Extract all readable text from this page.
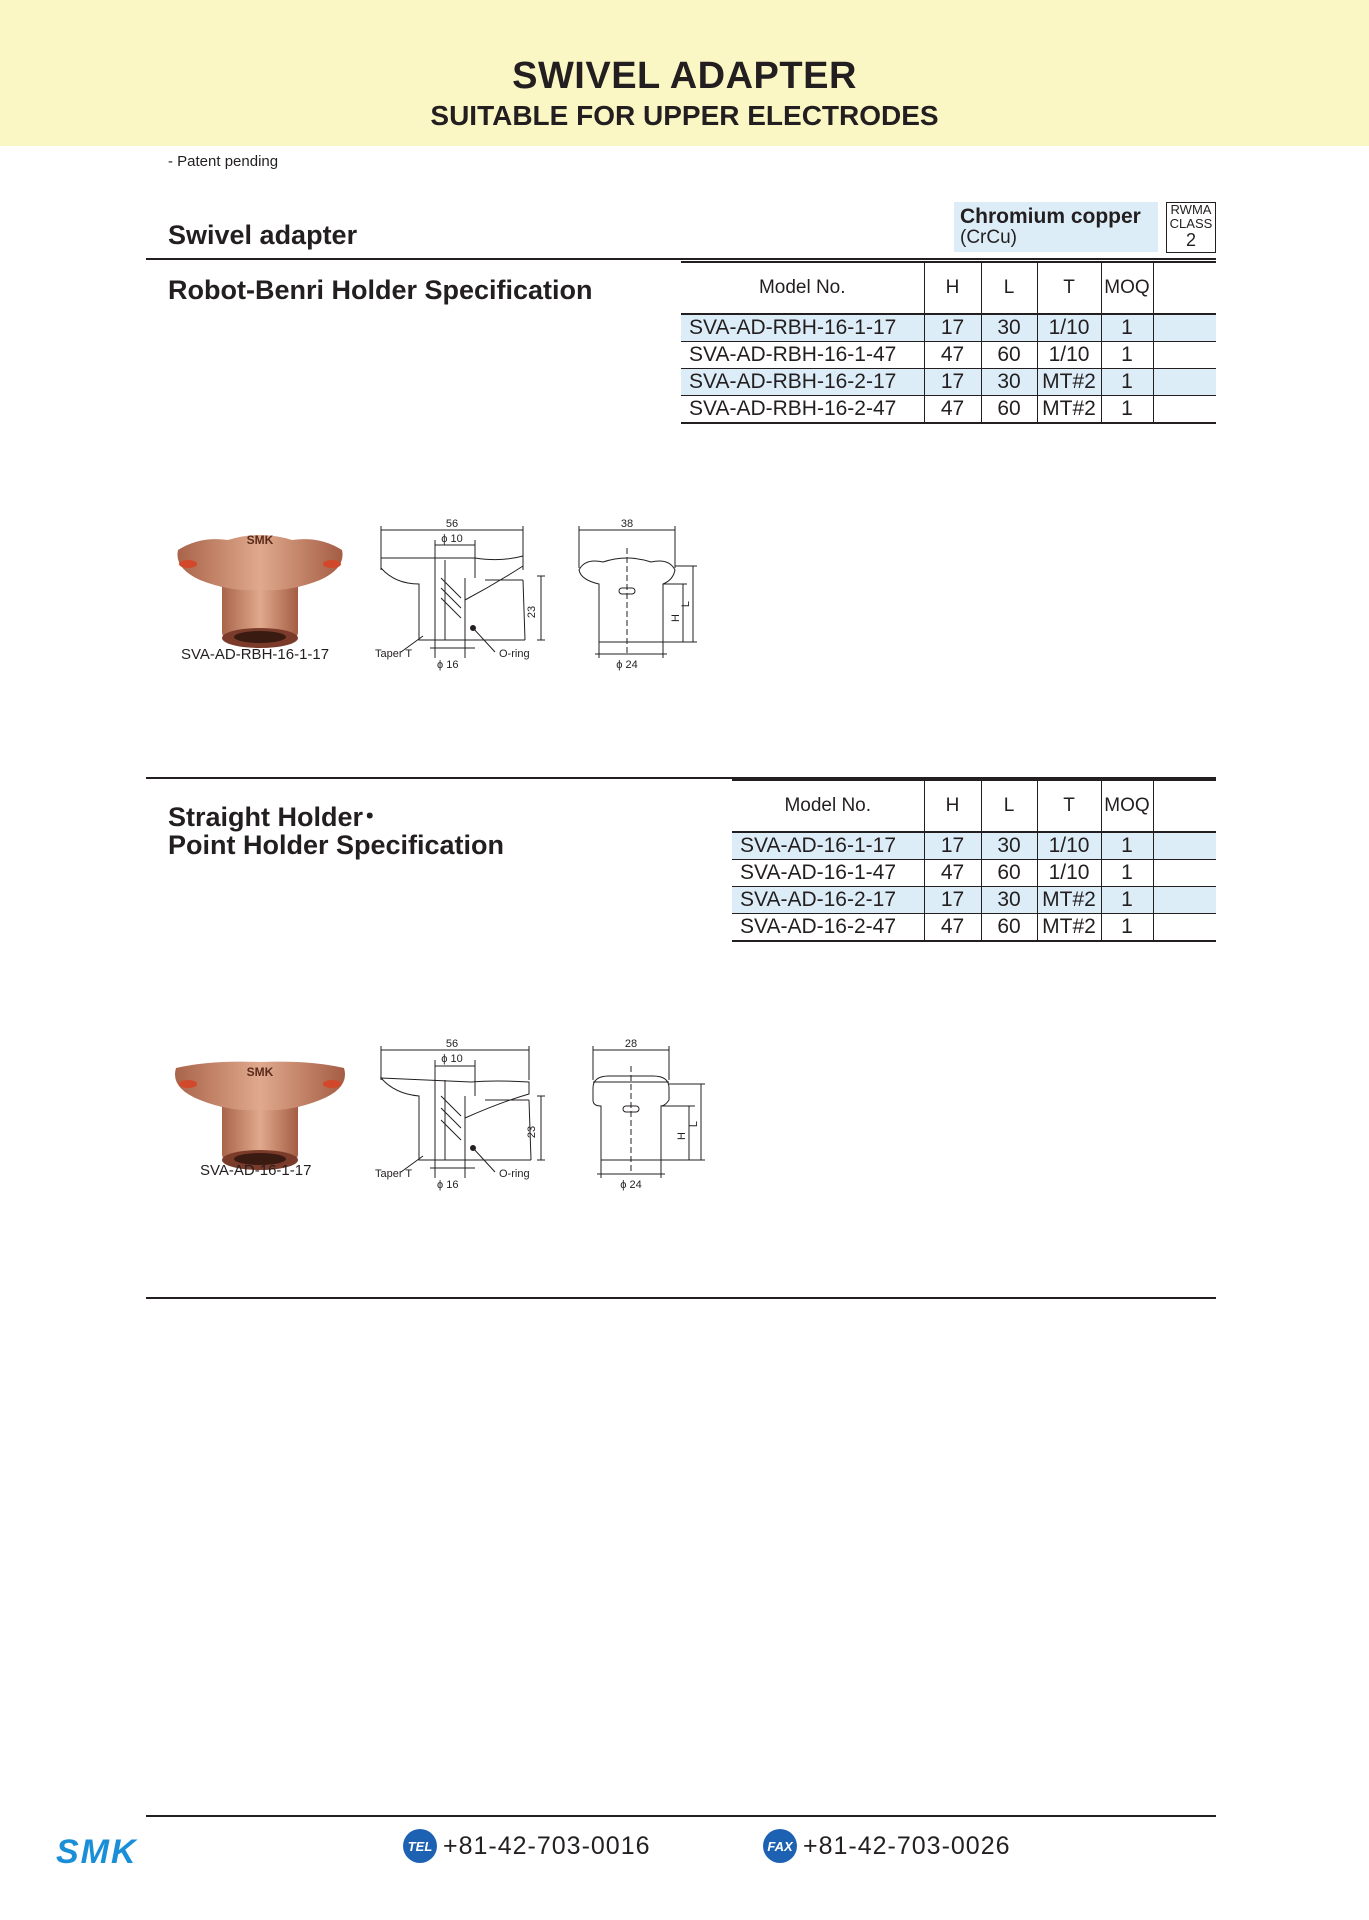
SWIVEL ADAPTER
SUITABLE FOR UPPER ELECTRODES
- Patent pending
Swivel adapter
Chromium copper
(CrCu)
RWMA
CLASS
2
Robot-Benri Holder Specification	Model No.	H	L	T	MOQ	
SVA-AD-RBH-16-1-17	17	30	1/10	1	
SVA-AD-RBH-16-1-47	47	60	1/10	1	
SVA-AD-RBH-16-2-17	17	30	MT#2	1	
SVA-AD-RBH-16-2-47	47	60	MT#2	1	
SMK
SVA-AD-RBH-16-1-17
56
ϕ 10
23
Taper T
ϕ 16
O-ring
38
H
L
ϕ 24
Straight Holder･
Point Holder Specification
Model No.	H	L	T	MOQ	
SVA-AD-16-1-17	17	30	1/10	1	
SVA-AD-16-1-47	47	60	1/10	1	
SVA-AD-16-2-17	17	30	MT#2	1	
SVA-AD-16-2-47	47	60	MT#2	1	
SMK
SVA-AD-16-1-17
56
ϕ 10
23
Taper T
ϕ 16
O-ring
28
H
L
ϕ 24
SMK	TEL +81-42-703-0016	FAX +81-42-703-0026
